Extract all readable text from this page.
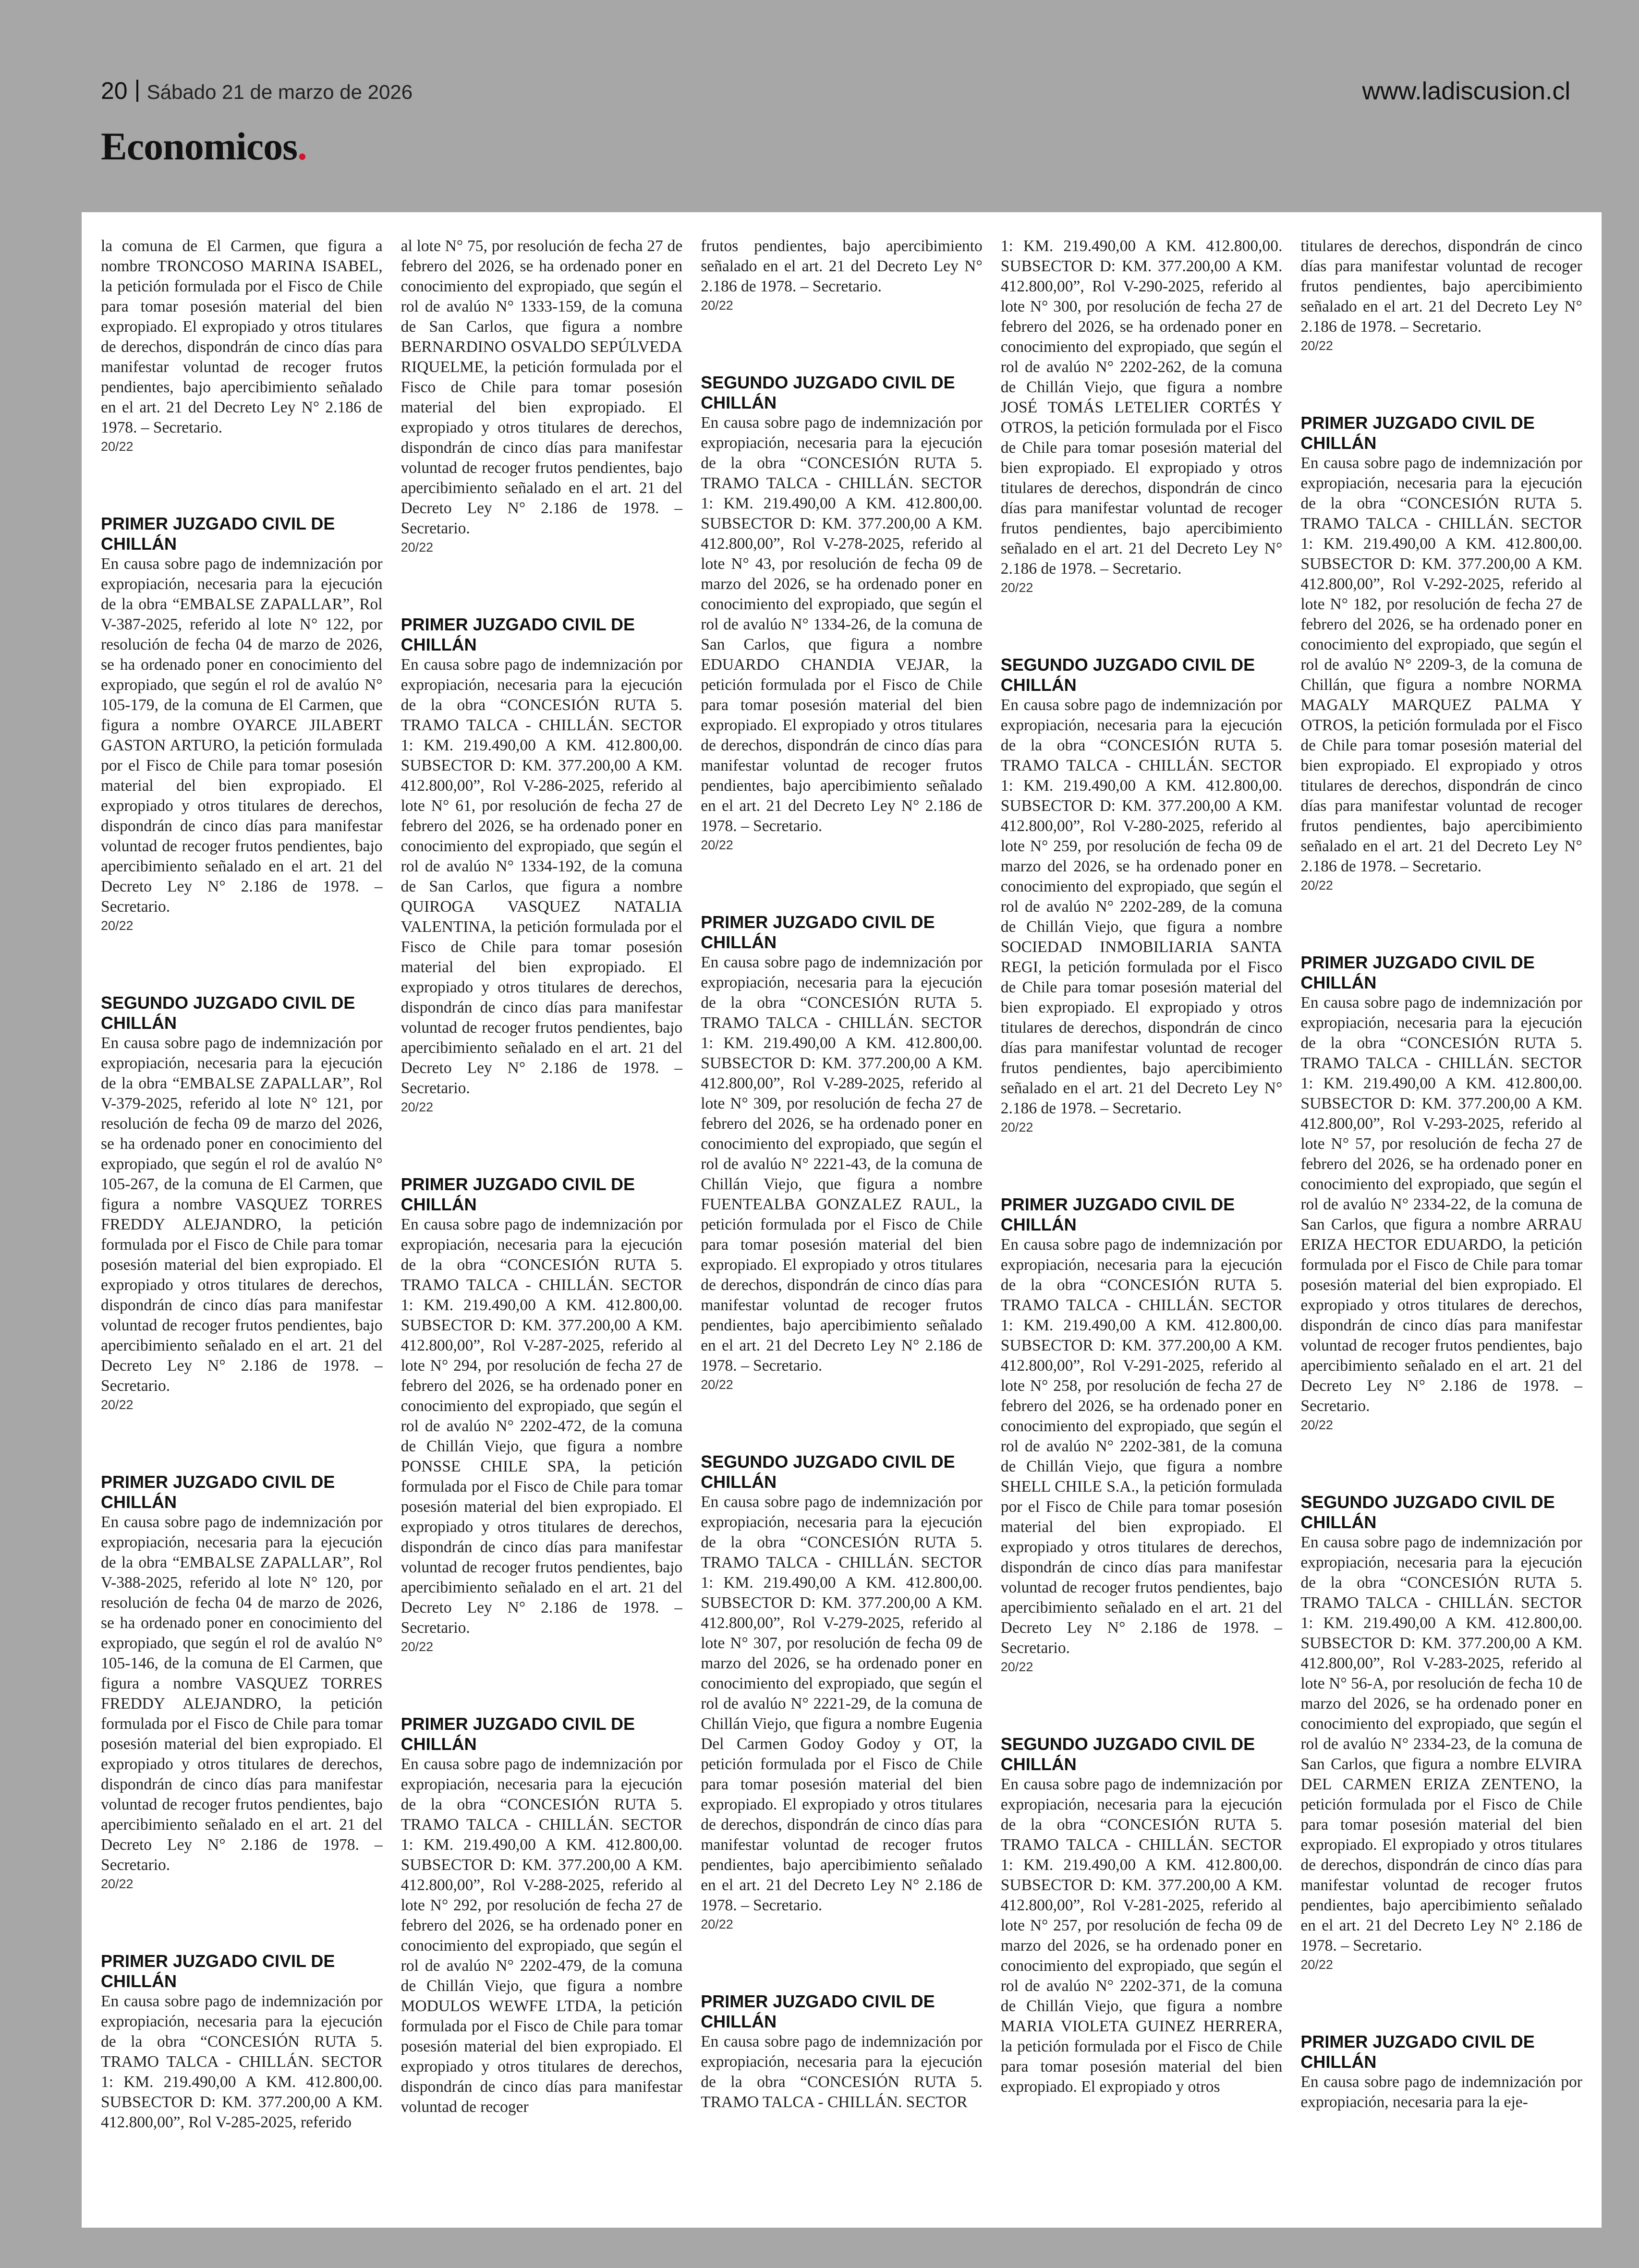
20 Sábado 21 de marzo de 2026	www.ladiscusion.cl
Economicos.

la comuna de El Carmen, que figura a nombre TRONCOSO MARINA ISABEL, la petición formulada por el Fisco de Chile para tomar posesión material del bien expropiado. El expropiado y otros titulares de derechos, dispondrán de cinco días para manifestar voluntad de recoger frutos pendientes, bajo apercibimiento señalado en el art. 21 del Decreto Ley N° 2.186 de 1978. – Secretario.

20/22
PRIMER JUZGADO CIVIL DE CHILLÁN

En causa sobre pago de indemnización por expropiación, necesaria para la ejecución de la obra “EMBALSE ZAPALLAR”, Rol V-387-2025, referido al lote N° 122, por resolución de fecha 04 de marzo de 2026, se ha ordenado poner en conocimiento del expropiado, que según el rol de avalúo N° 105-179, de la comuna de El Carmen, que figura a nombre OYARCE JILABERT GASTON ARTURO, la petición formulada por el Fisco de Chile para tomar posesión material del bien expropiado. El expropiado y otros titulares de derechos, dispondrán de cinco días para manifestar voluntad de recoger frutos pendientes, bajo apercibimiento señalado en el art. 21 del Decreto Ley N° 2.186 de 1978. – Secretario.

20/22
SEGUNDO JUZGADO CIVIL DE CHILLÁN

En causa sobre pago de indemnización por expropiación, necesaria para la ejecución de la obra “EMBALSE ZAPALLAR”, Rol V-379-2025, referido al lote N° 121, por resolución de fecha 09 de marzo del 2026, se ha ordenado poner en conocimiento del expropiado, que según el rol de avalúo N° 105-267, de la comuna de El Carmen, que figura a nombre VASQUEZ TORRES FREDDY ALEJANDRO, la petición formulada por el Fisco de Chile para tomar posesión material del bien expropiado. El expropiado y otros titulares de derechos, dispondrán de cinco días para manifestar voluntad de recoger frutos pendientes, bajo apercibimiento señalado en el art. 21 del Decreto Ley N° 2.186 de 1978. – Secretario.

20/22
PRIMER JUZGADO CIVIL DE CHILLÁN

En causa sobre pago de indemnización por expropiación, necesaria para la ejecución de la obra “EMBALSE ZAPALLAR”, Rol V-388-2025, referido al lote N° 120, por resolución de fecha 04 de marzo de 2026, se ha ordenado poner en conocimiento del expropiado, que según el rol de avalúo N° 105-146, de la comuna de El Carmen, que figura a nombre VASQUEZ TORRES FREDDY ALEJANDRO, la petición formulada por el Fisco de Chile para tomar posesión material del bien expropiado. El expropiado y otros titulares de derechos, dispondrán de cinco días para manifestar voluntad de recoger frutos pendientes, bajo apercibimiento señalado en el art. 21 del Decreto Ley N° 2.186 de 1978. – Secretario.

20/22
PRIMER JUZGADO CIVIL DE CHILLÁN

En causa sobre pago de indemnización por expropiación, necesaria para la ejecución de la obra “CONCESIÓN RUTA 5. TRAMO TALCA - CHILLÁN. SECTOR 1: KM. 219.490,00 A KM. 412.800,00. SUBSECTOR D: KM. 377.200,00 A KM. 412.800,00”, Rol V-285-2025, referido

al lote N° 75, por resolución de fecha 27 de febrero del 2026, se ha ordenado poner en conocimiento del expropiado, que según el rol de avalúo N° 1333-159, de la comuna de San Carlos, que figura a nombre BERNARDINO OSVALDO SEPÚLVEDA RIQUELME, la petición formulada por el Fisco de Chile para tomar posesión material del bien expropiado. El expropiado y otros titulares de derechos, dispondrán de cinco días para manifestar voluntad de recoger frutos pendientes, bajo apercibimiento señalado en el art. 21 del Decreto Ley N° 2.186 de 1978. – Secretario.

20/22
PRIMER JUZGADO CIVIL DE CHILLÁN

En causa sobre pago de indemnización por expropiación, necesaria para la ejecución de la obra “CONCESIÓN RUTA 5. TRAMO TALCA - CHILLÁN. SECTOR 1: KM. 219.490,00 A KM. 412.800,00. SUBSECTOR D: KM. 377.200,00 A KM. 412.800,00”, Rol V-286-2025, referido al lote N° 61, por resolución de fecha 27 de febrero del 2026, se ha ordenado poner en conocimiento del expropiado, que según el rol de avalúo N° 1334-192, de la comuna de San Carlos, que figura a nombre QUIROGA VASQUEZ NATALIA VALENTINA, la petición formulada por el Fisco de Chile para tomar posesión material del bien expropiado. El expropiado y otros titulares de derechos, dispondrán de cinco días para manifestar voluntad de recoger frutos pendientes, bajo apercibimiento señalado en el art. 21 del Decreto Ley N° 2.186 de 1978. – Secretario.

20/22
PRIMER JUZGADO CIVIL DE CHILLÁN

En causa sobre pago de indemnización por expropiación, necesaria para la ejecución de la obra “CONCESIÓN RUTA 5. TRAMO TALCA - CHILLÁN. SECTOR 1: KM. 219.490,00 A KM. 412.800,00. SUBSECTOR D: KM. 377.200,00 A KM. 412.800,00”, Rol V-287-2025, referido al lote N° 294, por resolución de fecha 27 de febrero del 2026, se ha ordenado poner en conocimiento del expropiado, que según el rol de avalúo N° 2202-472, de la comuna de Chillán Viejo, que figura a nombre PONSSE CHILE SPA, la petición formulada por el Fisco de Chile para tomar posesión material del bien expropiado. El expropiado y otros titulares de derechos, dispondrán de cinco días para manifestar voluntad de recoger frutos pendientes, bajo apercibimiento señalado en el art. 21 del Decreto Ley N° 2.186 de 1978. – Secretario.

20/22
PRIMER JUZGADO CIVIL DE CHILLÁN

En causa sobre pago de indemnización por expropiación, necesaria para la ejecución de la obra “CONCESIÓN RUTA 5. TRAMO TALCA - CHILLÁN. SECTOR 1: KM. 219.490,00 A KM. 412.800,00. SUBSECTOR D: KM. 377.200,00 A KM. 412.800,00”, Rol V-288-2025, referido al lote N° 292, por resolución de fecha 27 de febrero del 2026, se ha ordenado poner en conocimiento del expropiado, que según el rol de avalúo N° 2202-479, de la comuna de Chillán Viejo, que figura a nombre MODULOS WEWFE LTDA, la petición formulada por el Fisco de Chile para tomar posesión material del bien expropiado. El expropiado y otros titulares de derechos, dispondrán de cinco días para manifestar voluntad de recoger

frutos pendientes, bajo apercibimiento señalado en el art. 21 del Decreto Ley N° 2.186 de 1978. – Secretario.

20/22
SEGUNDO JUZGADO CIVIL DE CHILLÁN

En causa sobre pago de indemnización por expropiación, necesaria para la ejecución de la obra “CONCESIÓN RUTA 5. TRAMO TALCA - CHILLÁN. SECTOR 1: KM. 219.490,00 A KM. 412.800,00. SUBSECTOR D: KM. 377.200,00 A KM. 412.800,00”, Rol V-278-2025, referido al lote N° 43, por resolución de fecha 09 de marzo del 2026, se ha ordenado poner en conocimiento del expropiado, que según el rol de avalúo N° 1334-26, de la comuna de San Carlos, que figura a nombre EDUARDO CHANDIA VEJAR, la petición formulada por el Fisco de Chile para tomar posesión material del bien expropiado. El expropiado y otros titulares de derechos, dispondrán de cinco días para manifestar voluntad de recoger frutos pendientes, bajo apercibimiento señalado en el art. 21 del Decreto Ley N° 2.186 de 1978. – Secretario.

20/22
PRIMER JUZGADO CIVIL DE CHILLÁN

En causa sobre pago de indemnización por expropiación, necesaria para la ejecución de la obra “CONCESIÓN RUTA 5. TRAMO TALCA - CHILLÁN. SECTOR 1: KM. 219.490,00 A KM. 412.800,00. SUBSECTOR D: KM. 377.200,00 A KM. 412.800,00”, Rol V-289-2025, referido al lote N° 309, por resolución de fecha 27 de febrero del 2026, se ha ordenado poner en conocimiento del expropiado, que según el rol de avalúo N° 2221-43, de la comuna de Chillán Viejo, que figura a nombre FUENTEALBA GONZALEZ RAUL, la petición formulada por el Fisco de Chile para tomar posesión material del bien expropiado. El expropiado y otros titulares de derechos, dispondrán de cinco días para manifestar voluntad de recoger frutos pendientes, bajo apercibimiento señalado en el art. 21 del Decreto Ley N° 2.186 de 1978. – Secretario.

20/22
SEGUNDO JUZGADO CIVIL DE CHILLÁN

En causa sobre pago de indemnización por expropiación, necesaria para la ejecución de la obra “CONCESIÓN RUTA 5. TRAMO TALCA - CHILLÁN. SECTOR 1: KM. 219.490,00 A KM. 412.800,00. SUBSECTOR D: KM. 377.200,00 A KM. 412.800,00”, Rol V-279-2025, referido al lote N° 307, por resolución de fecha 09 de marzo del 2026, se ha ordenado poner en conocimiento del expropiado, que según el rol de avalúo N° 2221-29, de la comuna de Chillán Viejo, que figura a nombre Eugenia Del Carmen Godoy Godoy y OT, la petición formulada por el Fisco de Chile para tomar posesión material del bien expropiado. El expropiado y otros titulares de derechos, dispondrán de cinco días para manifestar voluntad de recoger frutos pendientes, bajo apercibimiento señalado en el art. 21 del Decreto Ley N° 2.186 de 1978. – Secretario.

20/22
PRIMER JUZGADO CIVIL DE CHILLÁN

En causa sobre pago de indemnización por expropiación, necesaria para la ejecución de la obra “CONCESIÓN RUTA 5. TRAMO TALCA - CHILLÁN. SECTOR

1: KM. 219.490,00 A KM. 412.800,00. SUBSECTOR D: KM. 377.200,00 A KM. 412.800,00”, Rol V-290-2025, referido al lote N° 300, por resolución de fecha 27 de febrero del 2026, se ha ordenado poner en conocimiento del expropiado, que según el rol de avalúo N° 2202-262, de la comuna de Chillán Viejo, que figura a nombre JOSÉ TOMÁS LETELIER CORTÉS Y OTROS, la petición formulada por el Fisco de Chile para tomar posesión material del bien expropiado. El expropiado y otros titulares de derechos, dispondrán de cinco días para manifestar voluntad de recoger frutos pendientes, bajo apercibimiento señalado en el art. 21 del Decreto Ley N° 2.186 de 1978. – Secretario.

20/22
SEGUNDO JUZGADO CIVIL DE CHILLÁN

En causa sobre pago de indemnización por expropiación, necesaria para la ejecución de la obra “CONCESIÓN RUTA 5. TRAMO TALCA - CHILLÁN. SECTOR 1: KM. 219.490,00 A KM. 412.800,00. SUBSECTOR D: KM. 377.200,00 A KM. 412.800,00”, Rol V-280-2025, referido al lote N° 259, por resolución de fecha 09 de marzo del 2026, se ha ordenado poner en conocimiento del expropiado, que según el rol de avalúo N° 2202-289, de la comuna de Chillán Viejo, que figura a nombre SOCIEDAD INMOBILIARIA SANTA REGI, la petición formulada por el Fisco de Chile para tomar posesión material del bien expropiado. El expropiado y otros titulares de derechos, dispondrán de cinco días para manifestar voluntad de recoger frutos pendientes, bajo apercibimiento señalado en el art. 21 del Decreto Ley N° 2.186 de 1978. – Secretario.

20/22
PRIMER JUZGADO CIVIL DE CHILLÁN

En causa sobre pago de indemnización por expropiación, necesaria para la ejecución de la obra “CONCESIÓN RUTA 5. TRAMO TALCA - CHILLÁN. SECTOR 1: KM. 219.490,00 A KM. 412.800,00. SUBSECTOR D: KM. 377.200,00 A KM. 412.800,00”, Rol V-291-2025, referido al lote N° 258, por resolución de fecha 27 de febrero del 2026, se ha ordenado poner en conocimiento del expropiado, que según el rol de avalúo N° 2202-381, de la comuna de Chillán Viejo, que figura a nombre SHELL CHILE S.A., la petición formulada por el Fisco de Chile para tomar posesión material del bien expropiado. El expropiado y otros titulares de derechos, dispondrán de cinco días para manifestar voluntad de recoger frutos pendientes, bajo apercibimiento señalado en el art. 21 del Decreto Ley N° 2.186 de 1978. – Secretario.

20/22
SEGUNDO JUZGADO CIVIL DE CHILLÁN

En causa sobre pago de indemnización por expropiación, necesaria para la ejecución de la obra “CONCESIÓN RUTA 5. TRAMO TALCA - CHILLÁN. SECTOR 1: KM. 219.490,00 A KM. 412.800,00. SUBSECTOR D: KM. 377.200,00 A KM. 412.800,00”, Rol V-281-2025, referido al lote N° 257, por resolución de fecha 09 de marzo del 2026, se ha ordenado poner en conocimiento del expropiado, que según el rol de avalúo N° 2202-371, de la comuna de Chillán Viejo, que figura a nombre MARIA VIOLETA GUINEZ HERRERA, la petición formulada por el Fisco de Chile para tomar posesión material del bien expropiado. El expropiado y otros

titulares de derechos, dispondrán de cinco días para manifestar voluntad de recoger frutos pendientes, bajo apercibimiento señalado en el art. 21 del Decreto Ley N° 2.186 de 1978. – Secretario.

20/22
PRIMER JUZGADO CIVIL DE CHILLÁN

En causa sobre pago de indemnización por expropiación, necesaria para la ejecución de la obra “CONCESIÓN RUTA 5. TRAMO TALCA - CHILLÁN. SECTOR 1: KM. 219.490,00 A KM. 412.800,00. SUBSECTOR D: KM. 377.200,00 A KM. 412.800,00”, Rol V-292-2025, referido al lote N° 182, por resolución de fecha 27 de febrero del 2026, se ha ordenado poner en conocimiento del expropiado, que según el rol de avalúo N° 2209-3, de la comuna de Chillán, que figura a nombre NORMA MAGALY MARQUEZ PALMA Y OTROS, la petición formulada por el Fisco de Chile para tomar posesión material del bien expropiado. El expropiado y otros titulares de derechos, dispondrán de cinco días para manifestar voluntad de recoger frutos pendientes, bajo apercibimiento señalado en el art. 21 del Decreto Ley N° 2.186 de 1978. – Secretario.

20/22
PRIMER JUZGADO CIVIL DE CHILLÁN

En causa sobre pago de indemnización por expropiación, necesaria para la ejecución de la obra “CONCESIÓN RUTA 5. TRAMO TALCA - CHILLÁN. SECTOR 1: KM. 219.490,00 A KM. 412.800,00. SUBSECTOR D: KM. 377.200,00 A KM. 412.800,00”, Rol V-293-2025, referido al lote N° 57, por resolución de fecha 27 de febrero del 2026, se ha ordenado poner en conocimiento del expropiado, que según el rol de avalúo N° 2334-22, de la comuna de San Carlos, que figura a nombre ARRAU ERIZA HECTOR EDUARDO, la petición formulada por el Fisco de Chile para tomar posesión material del bien expropiado. El expropiado y otros titulares de derechos, dispondrán de cinco días para manifestar voluntad de recoger frutos pendientes, bajo apercibimiento señalado en el art. 21 del Decreto Ley N° 2.186 de 1978. – Secretario.

20/22
SEGUNDO JUZGADO CIVIL DE CHILLÁN

En causa sobre pago de indemnización por expropiación, necesaria para la ejecución de la obra “CONCESIÓN RUTA 5. TRAMO TALCA - CHILLÁN. SECTOR 1: KM. 219.490,00 A KM. 412.800,00. SUBSECTOR D: KM. 377.200,00 A KM. 412.800,00”, Rol V-283-2025, referido al lote N° 56-A, por resolución de fecha 10 de marzo del 2026, se ha ordenado poner en conocimiento del expropiado, que según el rol de avalúo N° 2334-23, de la comuna de San Carlos, que figura a nombre ELVIRA DEL CARMEN ERIZA ZENTENO, la petición formulada por el Fisco de Chile para tomar posesión material del bien expropiado. El expropiado y otros titulares de derechos, dispondrán de cinco días para manifestar voluntad de recoger frutos pendientes, bajo apercibimiento señalado en el art. 21 del Decreto Ley N° 2.186 de 1978. – Secretario.

20/22
PRIMER JUZGADO CIVIL DE CHILLÁN

En causa sobre pago de indemnización por expropiación, necesaria para la eje-
